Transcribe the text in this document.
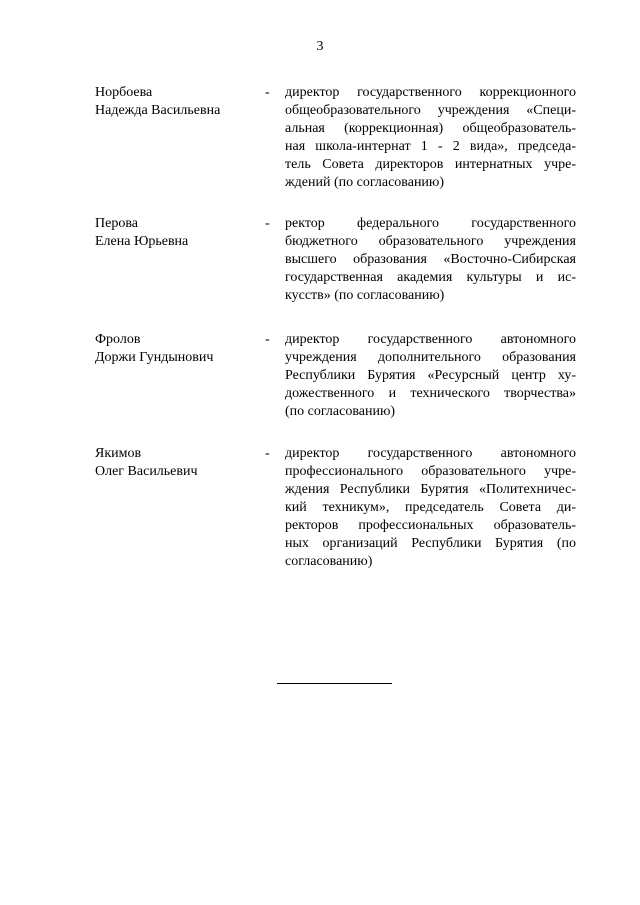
3
Норбоева
Надежда Васильевна
- директор государственного коррекционного
общеобразовательного учреждения «Специ-
альная (коррекционная) общеобразователь-
ная школа-интернат 1 - 2 вида», председа-
тель Совета директоров интернатных учре-
ждений (по согласованию)
Перова
Елена Юрьевна
- ректор федерального государственного
бюджетного образовательного учреждения
высшего образования «Восточно-Сибирская
государственная академия культуры и ис-
кусств» (по согласованию)
Фролов
Доржи Гундынович
- директор государственного автономного
учреждения дополнительного образования
Республики Бурятия «Ресурсный центр ху-
дожественного и технического творчества»
(по согласованию)
Якимов
Олег Васильевич
- директор государственного автономного
профессионального образовательного учре-
ждения Республики Бурятия «Политехничес-
кий техникум», председатель Совета ди-
ректоров профессиональных образователь-
ных организаций Республики Бурятия (по
согласованию)
